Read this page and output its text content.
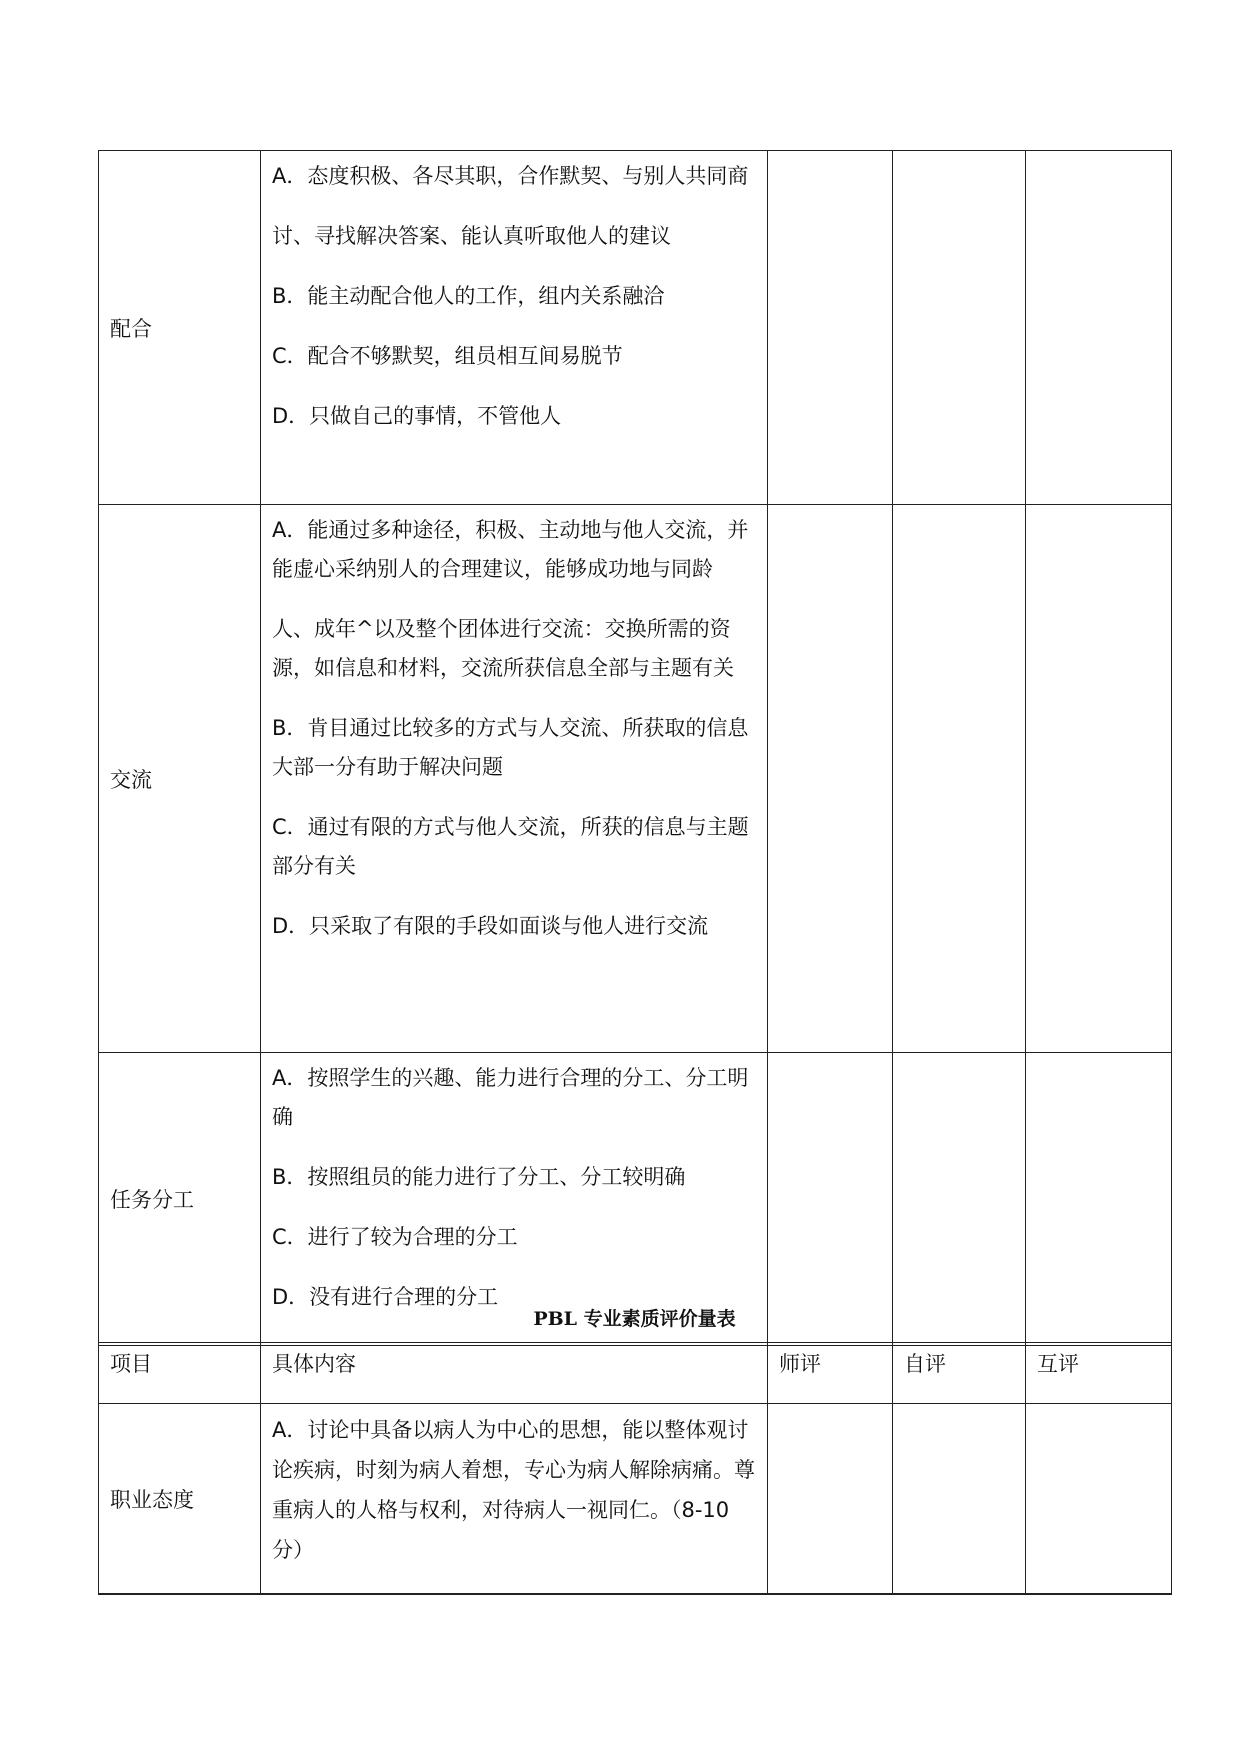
配合	A．态度积极、各尽其职，合作默契、与别人共同商
讨、寻找解决答案、能认真听取他人的建议
B．能主动配合他人的工作，组内关系融洽
C．配合不够默契，组员相互间易脱节
D．只做自己的事情，不管他人			

交流	A．能通过多种途径，积极、主动地与他人交流，并能虚心采纳别人的合理建议，能够成功地与同龄
人、成年^以及整个团体进行交流：交换所需的资源，如信息和材料，交流所获信息全部与主题有关
B．肯目通过比较多的方式与人交流、所获取的信息大部一分有助于解决问题
C．通过有限的方式与他人交流，所获的信息与主题部分有关
D．只采取了有限的手段如面谈与他人进行交流			

任务分工	A．按照学生的兴趣、能力进行合理的分工、分工明确
B．按照组员的能力进行了分工、分工较明确
C．进行了较为合理的分工
D．没有进行合理的分工			

PBL 专业素质评价量表
项目	具体内容	师评	自评	互评

职业态度	A．讨论中具备以病人为中心的思想，能以整体观讨论疾病，时刻为病人着想，专心为病人解除病痛。尊重病人的人格与权利，对待病人一视同仁。（8-10 分）			
